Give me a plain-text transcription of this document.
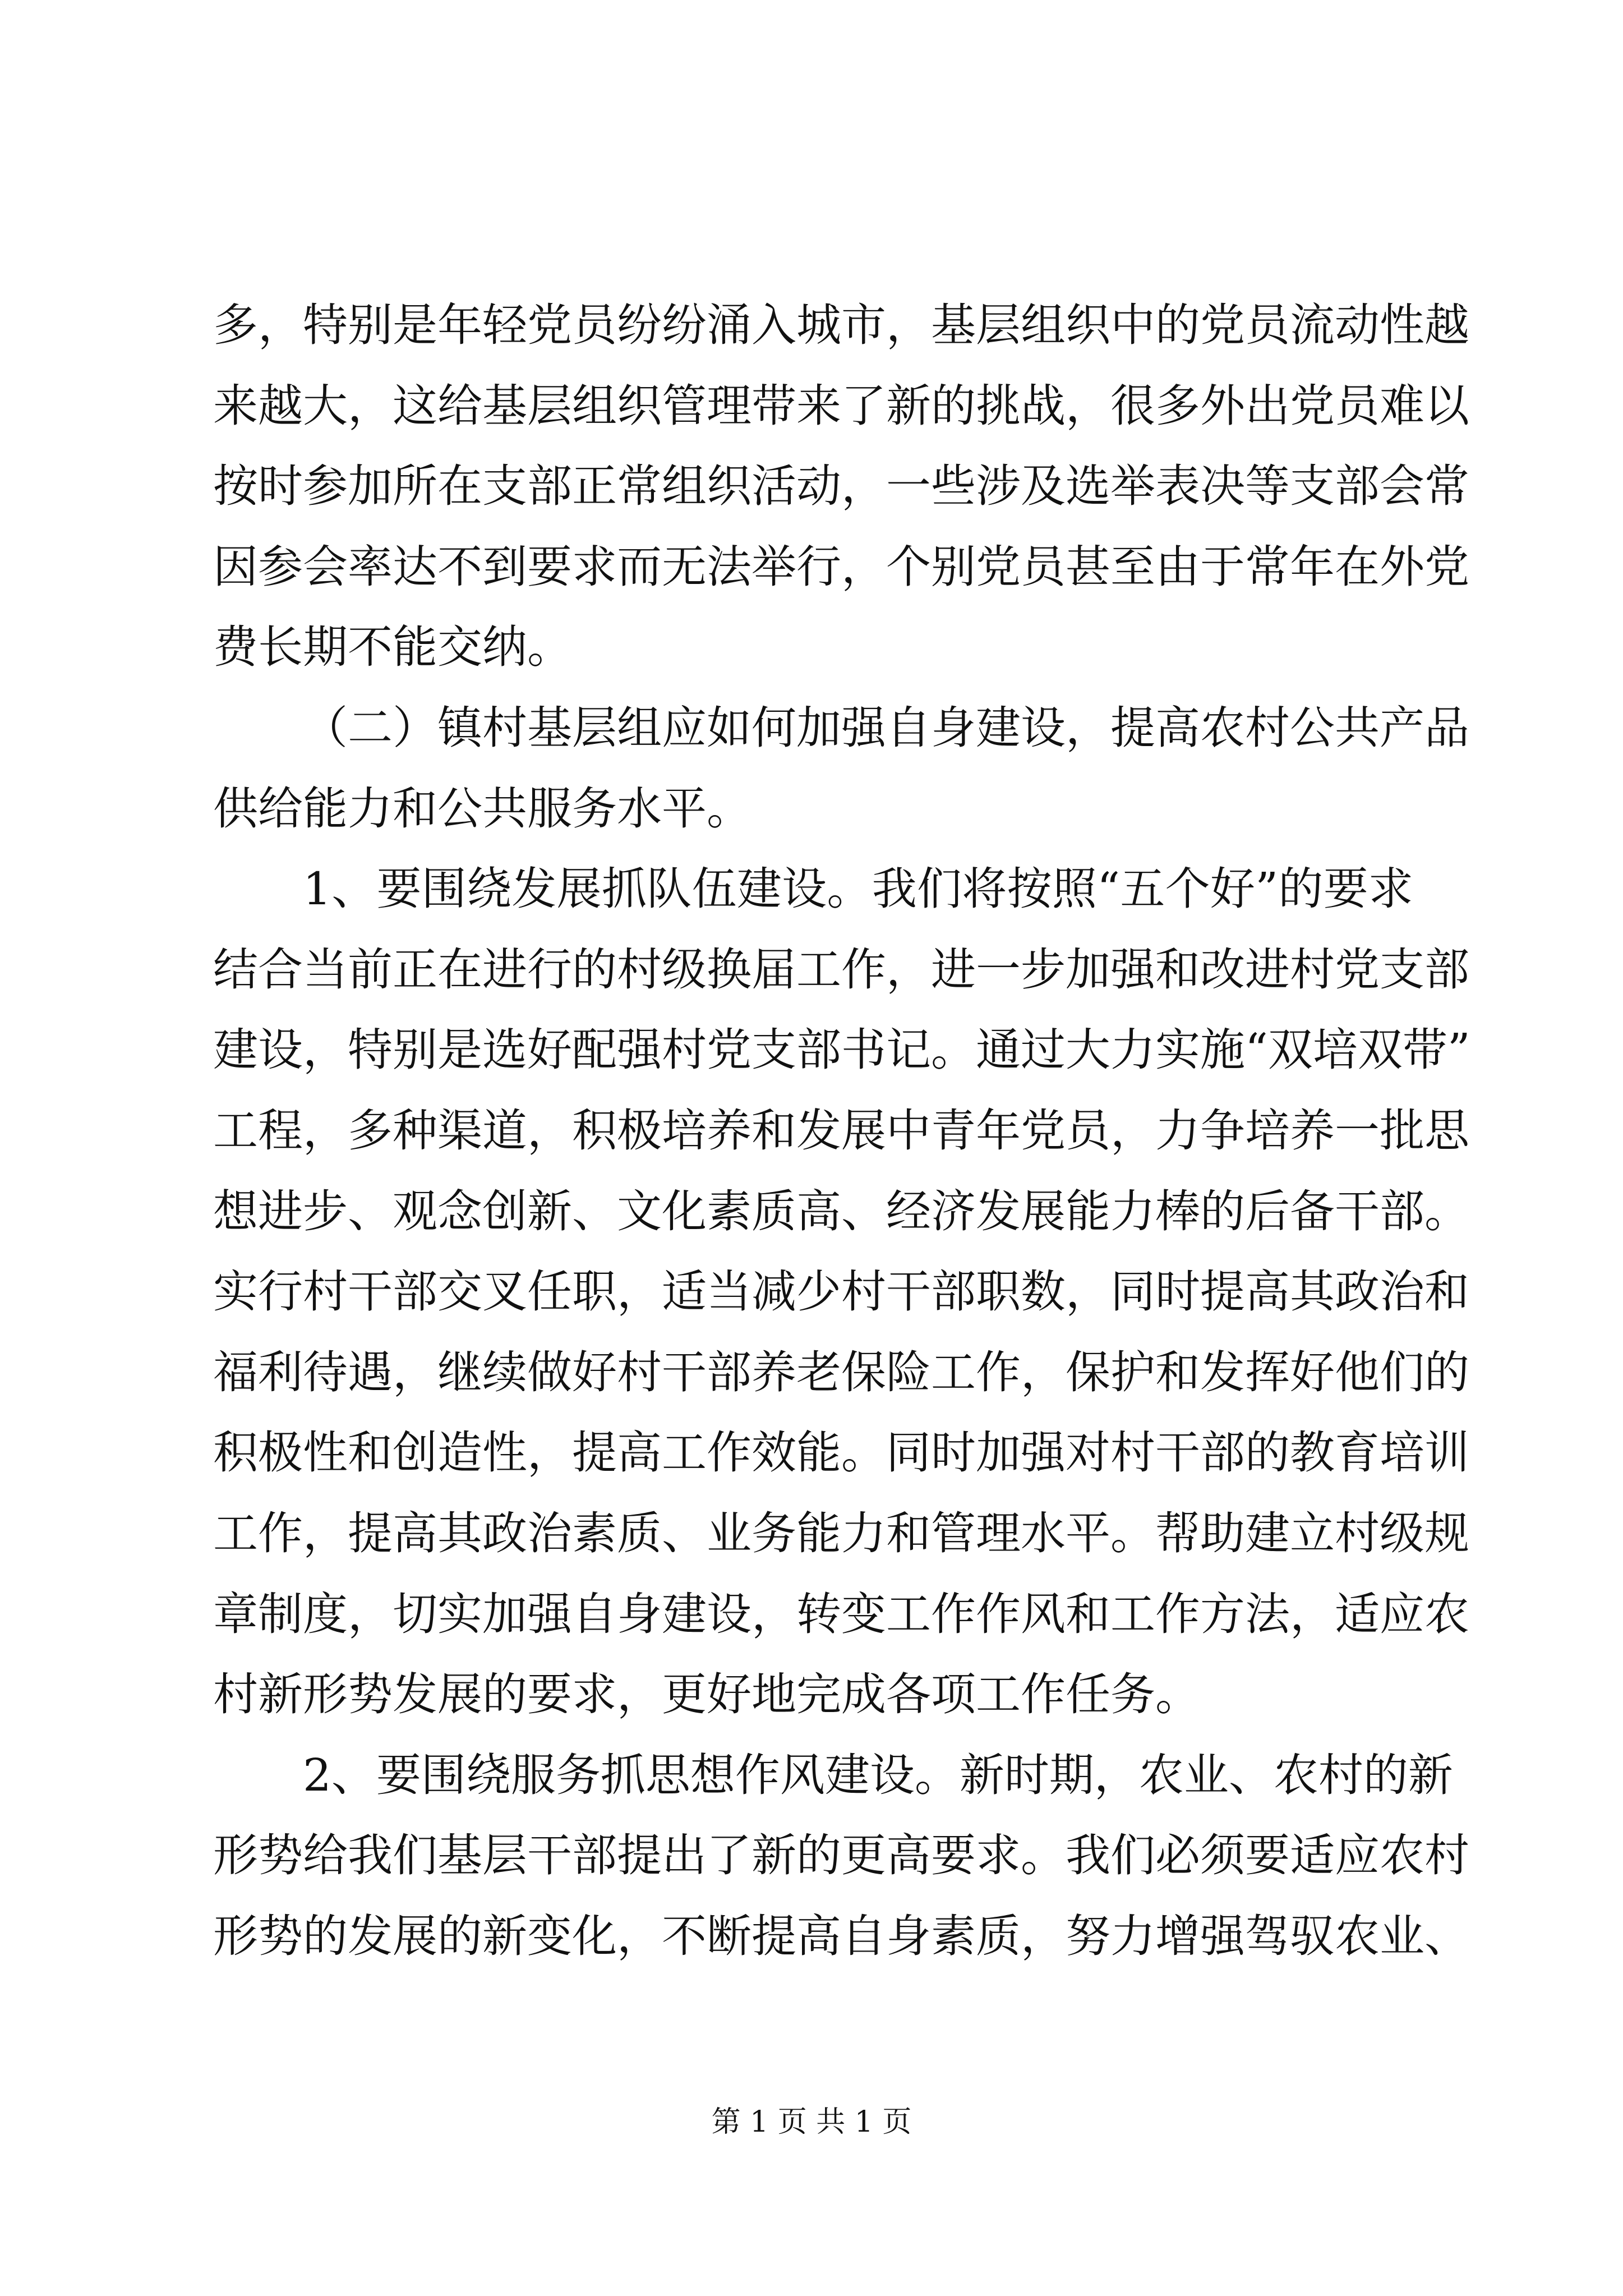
多，特别是年轻党员纷纷涌入城市，基层组织中的党员流动性越
来越大，这给基层组织管理带来了新的挑战，很多外出党员难以
按时参加所在支部正常组织活动，一些涉及选举表决等支部会常
因参会率达不到要求而无法举行，个别党员甚至由于常年在外党
费长期不能交纳。
（二）镇村基层组应如何加强自身建设，提高农村公共产品
供给能力和公共服务水平。
1、要围绕发展抓队伍建设。我们将按照“五个好”的要求
结合当前正在进行的村级换届工作，进一步加强和改进村党支部
建设，特别是选好配强村党支部书记。通过大力实施“双培双带”
工程，多种渠道，积极培养和发展中青年党员，力争培养一批思
想进步、观念创新、文化素质高、经济发展能力棒的后备干部。
实行村干部交叉任职，适当减少村干部职数，同时提高其政治和
福利待遇，继续做好村干部养老保险工作，保护和发挥好他们的
积极性和创造性，提高工作效能。同时加强对村干部的教育培训
工作，提高其政治素质、业务能力和管理水平。帮助建立村级规
章制度，切实加强自身建设，转变工作作风和工作方法，适应农
村新形势发展的要求，更好地完成各项工作任务。
2、要围绕服务抓思想作风建设。新时期，农业、农村的新
形势给我们基层干部提出了新的更高要求。我们必须要适应农村
形势的发展的新变化，不断提高自身素质，努力增强驾驭农业、
第 1 页 共 1 页
